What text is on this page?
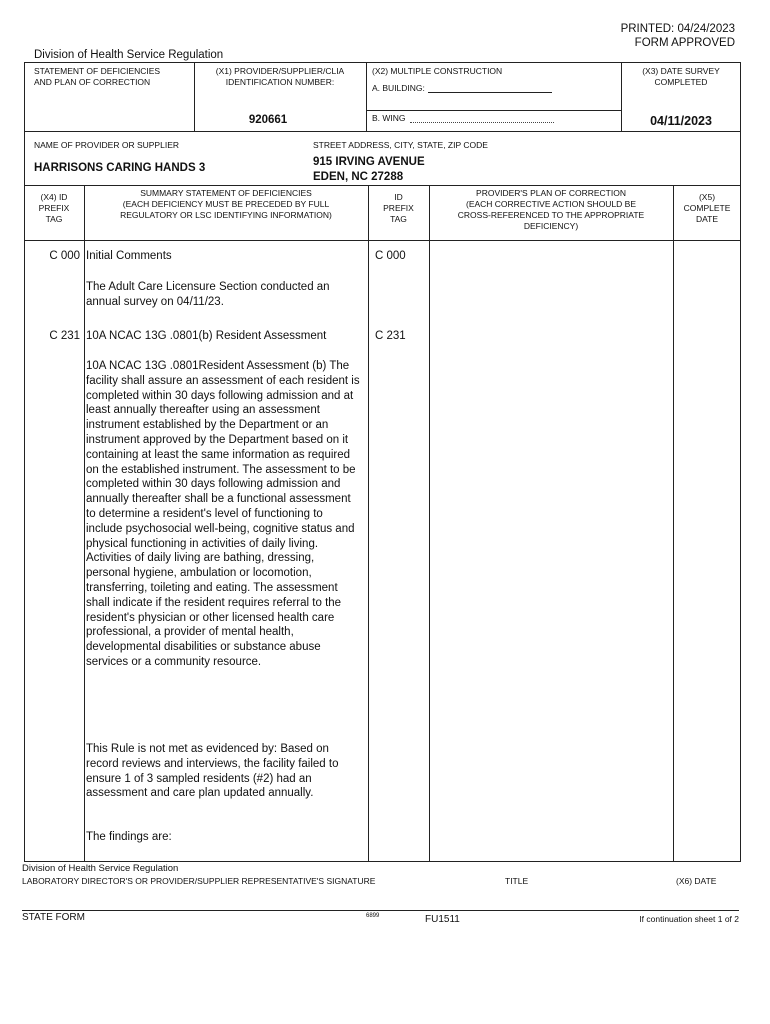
PRINTED: 04/24/2023
FORM APPROVED
Division of Health Service Regulation
STATEMENT OF DEFICIENCIES
AND PLAN OF CORRECTION
(X1) PROVIDER/SUPPLIER/CLIA
IDENTIFICATION NUMBER:
920661
(X2) MULTIPLE CONSTRUCTION
A. BUILDING:
B. WING
(X3) DATE SURVEY
COMPLETED
04/11/2023
NAME OF PROVIDER OR SUPPLIER
HARRISONS CARING HANDS 3
STREET ADDRESS, CITY, STATE, ZIP CODE
915 IRVING AVENUE
EDEN, NC 27288
(X4) ID
PREFIX
TAG
SUMMARY STATEMENT OF DEFICIENCIES
(EACH DEFICIENCY MUST BE PRECEDED BY FULL
REGULATORY OR LSC IDENTIFYING INFORMATION)
ID
PREFIX
TAG
PROVIDER'S PLAN OF CORRECTION
(EACH CORRECTIVE ACTION SHOULD BE
CROSS-REFERENCED TO THE APPROPRIATE
DEFICIENCY)
(X5)
COMPLETE
DATE
C 000 Initial Comments	C 000
The Adult Care Licensure Section conducted an annual survey on 04/11/23.
C 231 10A NCAC 13G .0801(b) Resident Assessment	C 231
10A NCAC 13G .0801Resident Assessment (b) The facility shall assure an assessment of each resident is completed within 30 days following admission and at least annually thereafter using an assessment instrument established by the Department or an instrument approved by the Department based on it containing at least the same information as required on the established instrument. The assessment to be completed within 30 days following admission and annually thereafter shall be a functional assessment to determine a resident's level of functioning to include psychosocial well-being, cognitive status and physical functioning in activities of daily living. Activities of daily living are bathing, dressing, personal hygiene, ambulation or locomotion, transferring, toileting and eating. The assessment shall indicate if the resident requires referral to the resident's physician or other licensed health care professional, a provider of mental health, developmental disabilities or substance abuse services or a community resource.
This Rule is not met as evidenced by: Based on record reviews and interviews, the facility failed to ensure 1 of 3 sampled residents (#2) had an assessment and care plan updated annually.
The findings are:
Division of Health Service Regulation
LABORATORY DIRECTOR'S OR PROVIDER/SUPPLIER REPRESENTATIVE'S SIGNATURE	TITLE	(X6) DATE
STATE FORM	6899	FU1511	If continuation sheet 1 of 2
